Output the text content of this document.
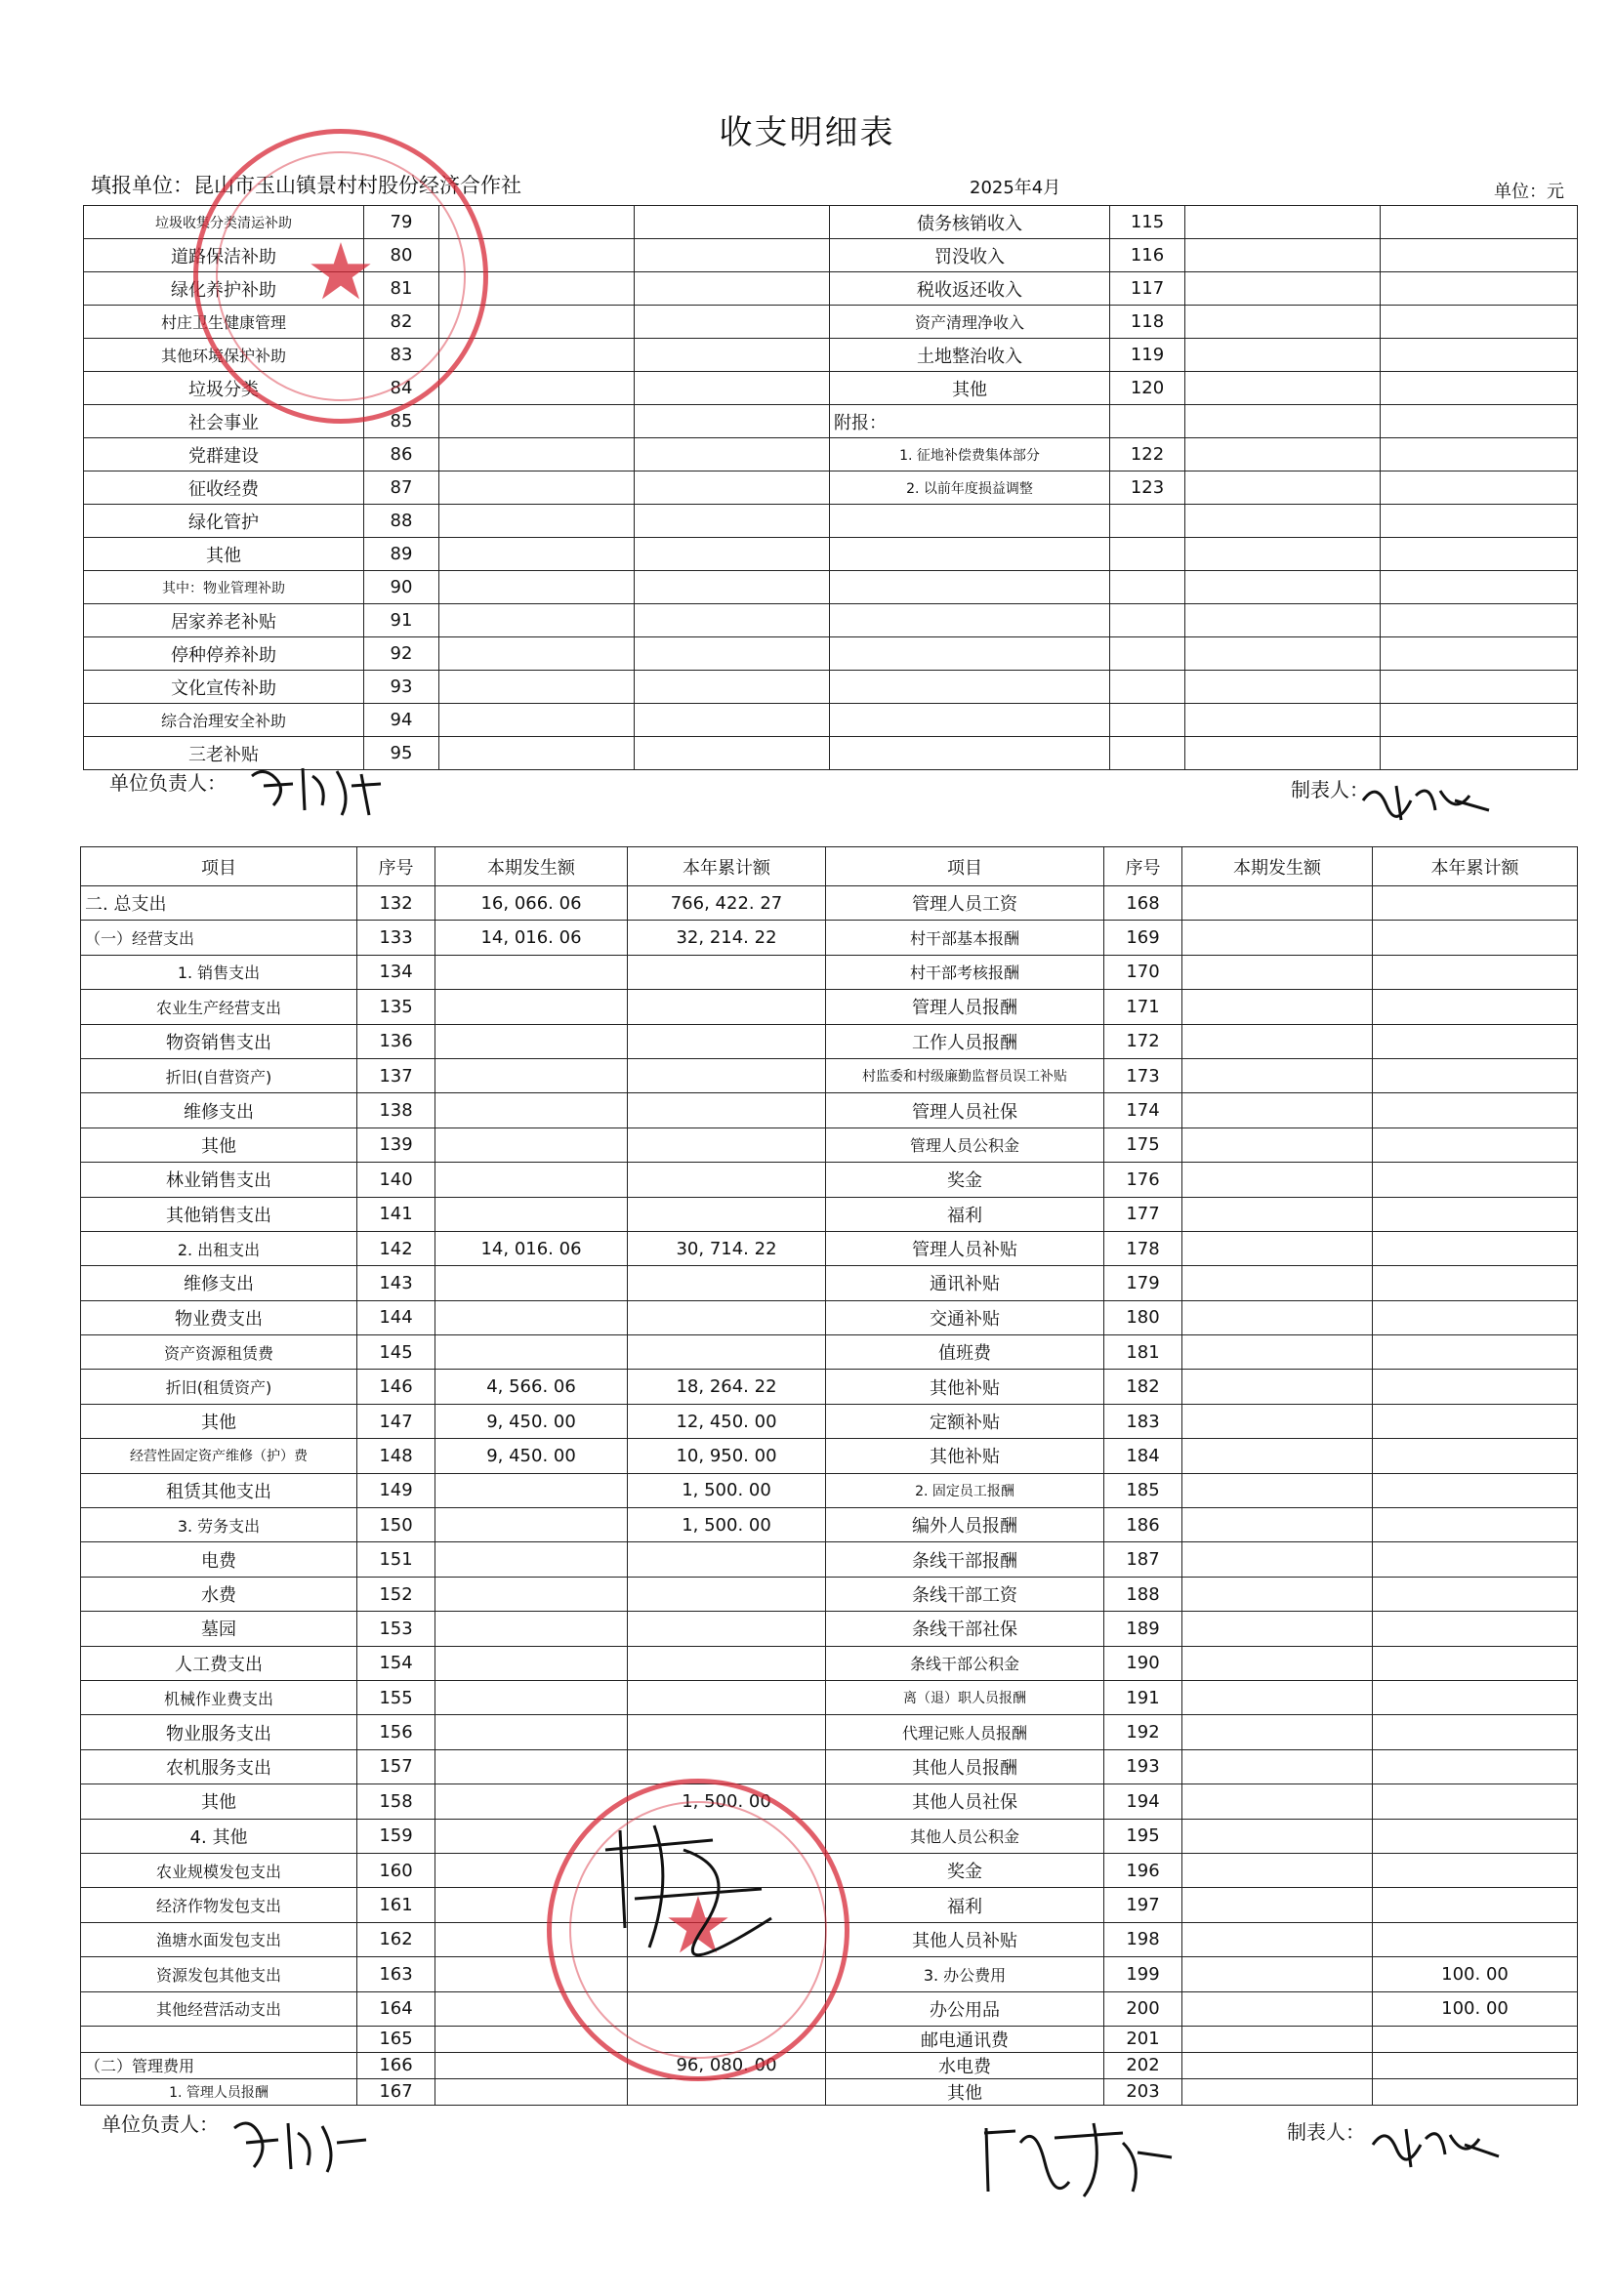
收支明细表
填报单位：昆山市玉山镇景村村股份经济合作社	2025年4月	单位：元
垃圾收集分类清运补助	79			债务核销收入	115		
道路保洁补助	80			罚没收入	116		
绿化养护补助	81			税收返还收入	117		
村庄卫生健康管理	82			资产清理净收入	118		
其他环境保护补助	83			土地整治收入	119		
垃圾分类	84			其他	120		
社会事业	85			附报：			
党群建设	86			1. 征地补偿费集体部分	122		
征收经费	87			2. 以前年度损益调整	123		
绿化管护	88						
其他	89						
其中：物业管理补助	90						
居家养老补贴	91						
停种停养补助	92						
文化宣传补助	93						
综合治理安全补助	94						
三老补贴	95						
单位负责人：	制表人：
项目	序号	本期发生额	本年累计额	项目	序号	本期发生额	本年累计额
二. 总支出	132	16, 066. 06	766, 422. 27	管理人员工资	168		
（一）经营支出	133	14, 016. 06	32, 214. 22	村干部基本报酬	169		
1. 销售支出	134			村干部考核报酬	170		
农业生产经营支出	135			管理人员报酬	171		
物资销售支出	136			工作人员报酬	172		
折旧(自营资产)	137			村监委和村级廉勤监督员误工补贴	173		
维修支出	138			管理人员社保	174		
其他	139			管理人员公积金	175		
林业销售支出	140			奖金	176		
其他销售支出	141			福利	177		
2. 出租支出	142	14, 016. 06	30, 714. 22	管理人员补贴	178		
维修支出	143			通讯补贴	179		
物业费支出	144			交通补贴	180		
资产资源租赁费	145			值班费	181		
折旧(租赁资产)	146	4, 566. 06	18, 264. 22	其他补贴	182		
其他	147	9, 450. 00	12, 450. 00	定额补贴	183		
经营性固定资产维修（护）费	148	9, 450. 00	10, 950. 00	其他补贴	184		
租赁其他支出	149		1, 500. 00	2. 固定员工报酬	185		
3. 劳务支出	150		1, 500. 00	编外人员报酬	186		
电费	151			条线干部报酬	187		
水费	152			条线干部工资	188		
墓园	153			条线干部社保	189		
人工费支出	154			条线干部公积金	190		
机械作业费支出	155			离（退）职人员报酬	191		
物业服务支出	156			代理记账人员报酬	192		
农机服务支出	157			其他人员报酬	193		
其他	158		1, 500. 00	其他人员社保	194		
4. 其他	159			其他人员公积金	195		
农业规模发包支出	160			奖金	196		
经济作物发包支出	161			福利	197		
渔塘水面发包支出	162			其他人员补贴	198		
资源发包其他支出	163			3. 办公费用	199		100. 00
其他经营活动支出	164			办公用品	200		100. 00
	165			邮电通讯费	201		
（二）管理费用	166		96, 080. 00	水电费	202		
1. 管理人员报酬	167			其他	203		
单位负责人：	制表人：
★
★
